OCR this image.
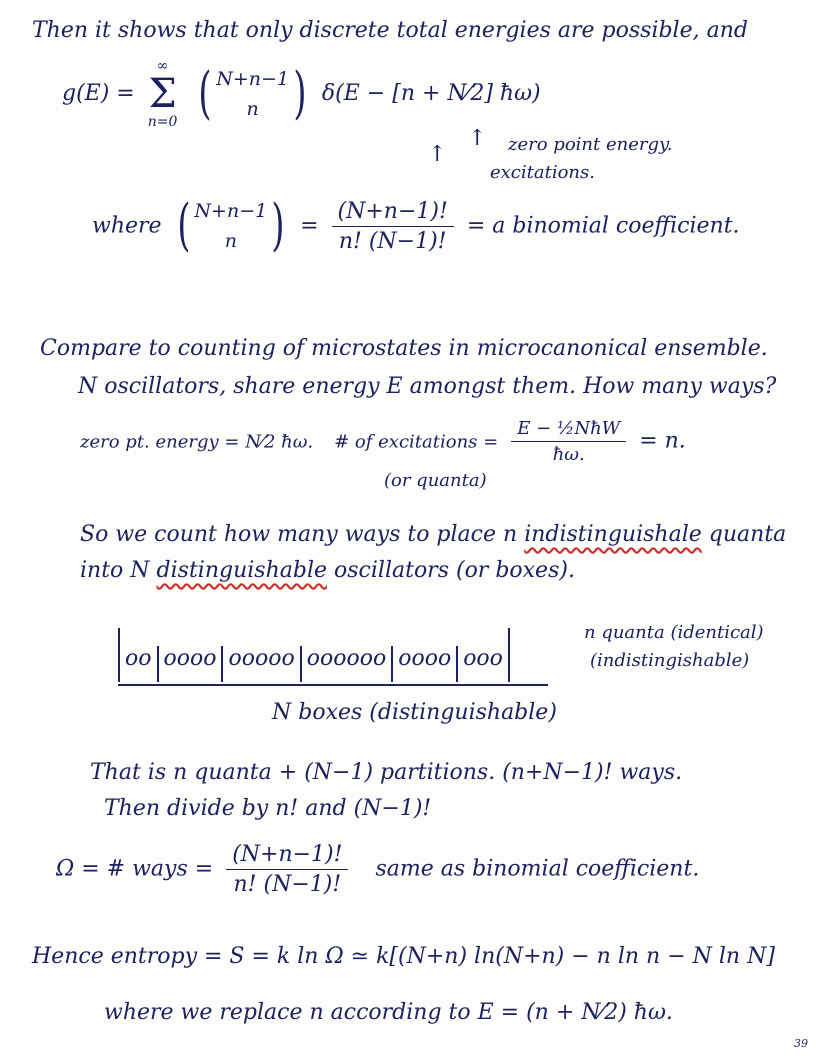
Then it shows that only discrete total energies are possible, and
g(E) =
∞
Σ
n=0
( N+n−1
n ) δ(E − [n + N⁄2] ħω)
↑ zero point energy.
↑
excitations.
where ( N+n−1
n ) = $\frac{(N+n-1)!}{n! (N-1)!} = a$ binomial coefficient.
Compare to counting of microstates in microcanonical ensemble.
N oscillators, share energy E amongst them. How many ways?
zero pt. energy = N⁄2 ħω. # of excitations = $\frac{\text{E − ½NħW}}{ħ\omega.} = n$.
(or quanta)
So we count how many ways to place n indistinguishale quanta
into N distinguishable oscillators (or boxes).
oo oooo ooooo oooooo oooo ooo
n quanta (identical)
(indistingishable)
N boxes (distinguishable)
That is n quanta + (N−1) partitions. (n+N−1)! ways.
Then divide by n! and (N−1)!
Ω = # ways = $\frac{(N+n-1)!}{n! (N-1)!}$ same as binomial coefficient.
Hence entropy = S = k ln Ω ≃ k[(N+n) ln(N+n) − n ln n − N ln N]
where we replace n according to E = (n + N⁄2) ħω.
39
